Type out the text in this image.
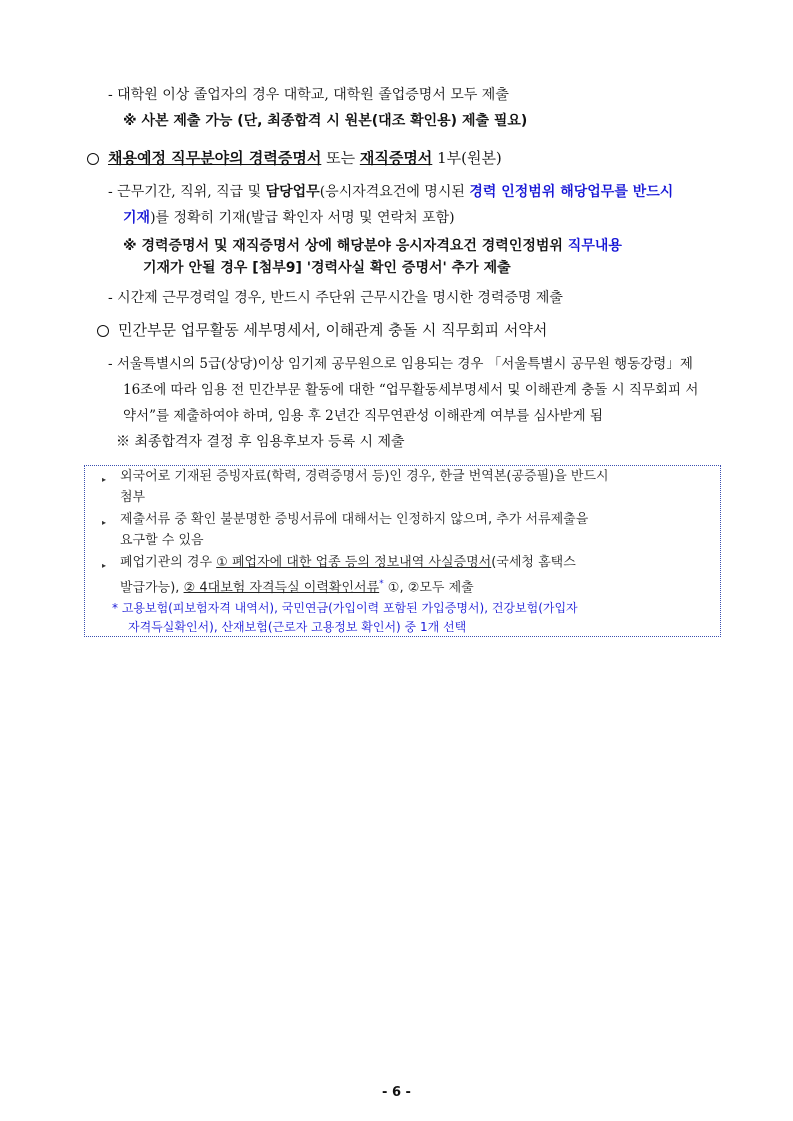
- 대학원 이상 졸업자의 경우 대학교, 대학원 졸업증명서 모두 제출
※ 사본 제출 가능 (단, 최종합격 시 원본(대조 확인용) 제출 필요)
채용예정 직무분야의 경력증명서 또는 재직증명서 1부(원본)
- 근무기간, 직위, 직급 및 담당업무(응시자격요건에 명시된 경력 인정범위 해당업무를 반드시
기재)를 정확히 기재(발급 확인자 서명 및 연락처 포함)
※ 경력증명서 및 재직증명서 상에 해당분야 응시자격요건 경력인정범위 직무내용
기재가 안될 경우 [첨부9] '경력사실 확인 증명서' 추가 제출
- 시간제 근무경력일 경우, 반드시 주단위 근무시간을 명시한 경력증명 제출
민간부문 업무활동 세부명세서, 이해관계 충돌 시 직무회피 서약서
- 서울특별시의 5급(상당)이상 임기제 공무원으로 임용되는 경우 「서울특별시 공무원 행동강령」제
16조에 따라 임용 전 민간부문 활동에 대한 “업무활동세부명세서 및 이해관계 충돌 시 직무회피 서
약서”를 제출하여야 하며, 임용 후 2년간 직무연관성 이해관계 여부를 심사받게 됨
※ 최종합격자 결정 후 임용후보자 등록 시 제출
▸ 외국어로 기재된 증빙자료(학력, 경력증명서 등)인 경우, 한글 번역본(공증필)을 반드시
첨부
▸ 제출서류 중 확인 불분명한 증빙서류에 대해서는 인정하지 않으며, 추가 서류제출을
요구할 수 있음
▸ 폐업기관의 경우 ① 폐업자에 대한 업종 등의 정보내역 사실증명서(국세청 홈택스
발급가능), ② 4대보험 자격득실 이력확인서류* ①, ②모두 제출
* 고용보험(피보험자격 내역서), 국민연금(가입이력 포함된 가입증명서), 건강보험(가입자
자격득실확인서), 산재보험(근로자 고용정보 확인서) 중 1개 선택
- 6 -
